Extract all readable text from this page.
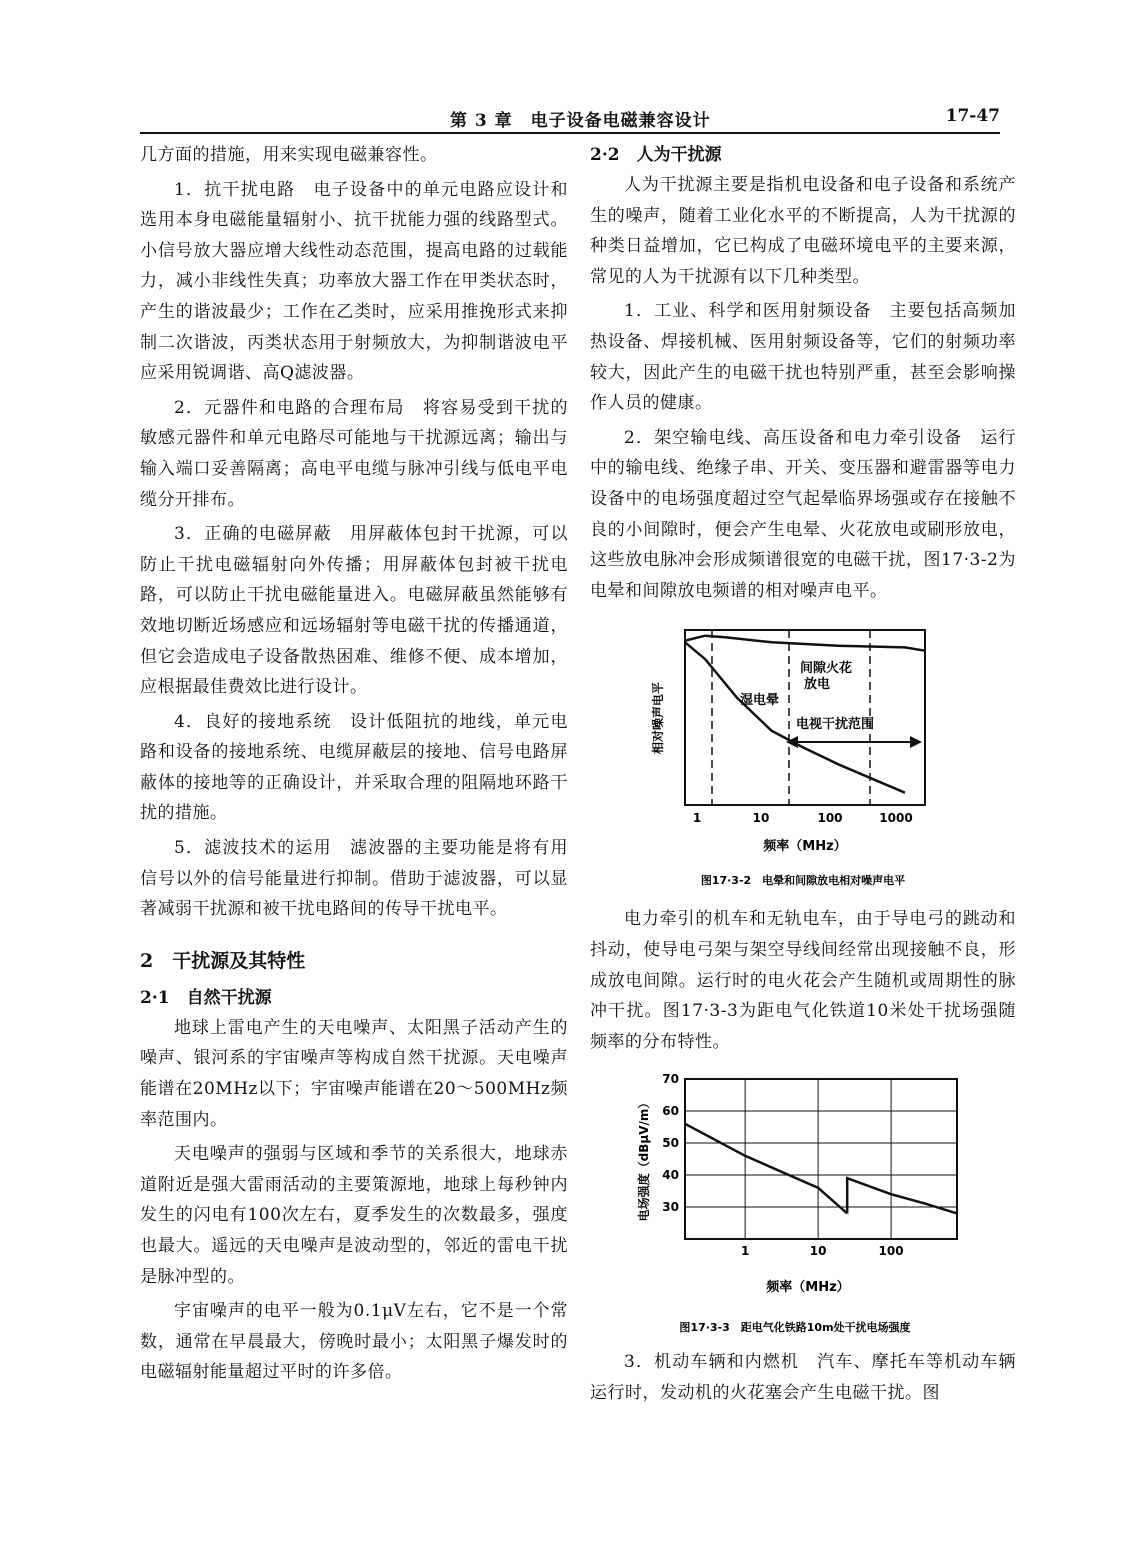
第 3 章　电子设备电磁兼容设计	17-47

几方面的措施，用来实现电磁兼容性。

1．抗干扰电路　电子设备中的单元电路应设计和选用本身电磁能量辐射小、抗干扰能力强的线路型式。小信号放大器应增大线性动态范围，提高电路的过载能力，减小非线性失真；功率放大器工作在甲类状态时，产生的谐波最少；工作在乙类时，应采用推挽形式来抑制二次谐波，丙类状态用于射频放大，为抑制谐波电平应采用锐调谐、高Q滤波器。

2．元器件和电路的合理布局　将容易受到干扰的敏感元器件和单元电路尽可能地与干扰源远离；输出与输入端口妥善隔离；高电平电缆与脉冲引线与低电平电缆分开排布。

3．正确的电磁屏蔽　用屏蔽体包封干扰源，可以防止干扰电磁辐射向外传播；用屏蔽体包封被干扰电路，可以防止干扰电磁能量进入。电磁屏蔽虽然能够有效地切断近场感应和远场辐射等电磁干扰的传播通道，但它会造成电子设备散热困难、维修不便、成本增加，应根据最佳费效比进行设计。

4．良好的接地系统　设计低阻抗的地线，单元电路和设备的接地系统、电缆屏蔽层的接地、信号电路屏蔽体的接地等的正确设计，并采取合理的阻隔地环路干扰的措施。

5．滤波技术的运用　滤波器的主要功能是将有用信号以外的信号能量进行抑制。借助于滤波器，可以显著减弱干扰源和被干扰电路间的传导干扰电平。

2　干扰源及其特性
2·1　自然干扰源

地球上雷电产生的天电噪声、太阳黑子活动产生的噪声、银河系的宇宙噪声等构成自然干扰源。天电噪声能谱在20MHz以下；宇宙噪声能谱在20～500MHz频率范围内。

天电噪声的强弱与区域和季节的关系很大，地球赤道附近是强大雷雨活动的主要策源地，地球上每秒钟内发生的闪电有100次左右，夏季发生的次数最多，强度也最大。遥远的天电噪声是波动型的，邻近的雷电干扰是脉冲型的。

宇宙噪声的电平一般为0.1μV左右，它不是一个常数，通常在早晨最大，傍晚时最小；太阳黑子爆发时的电磁辐射能量超过平时的许多倍。

2·2　人为干扰源

人为干扰源主要是指机电设备和电子设备和系统产生的噪声，随着工业化水平的不断提高，人为干扰源的种类日益增加，它已构成了电磁环境电平的主要来源，常见的人为干扰源有以下几种类型。

1．工业、科学和医用射频设备　主要包括高频加热设备、焊接机械、医用射频设备等，它们的射频功率较大，因此产生的电磁干扰也特别严重，甚至会影响操作人员的健康。

2．架空输电线、高压设备和电力牵引设备　运行中的输电线、绝缘子串、开关、变压器和避雷器等电力设备中的电场强度超过空气起晕临界场强或存在接触不良的小间隙时，便会产生电晕、火花放电或刷形放电，这些放电脉冲会形成频谱很宽的电磁干扰，图17·3-2为电晕和间隙放电频谱的相对噪声电平。

相对噪声电平
间隙火花
放电
湿电晕
电视干扰范围
1	10	100	1000
频率（MHz）
图17·3-2　电晕和间隙放电相对噪声电平

电力牵引的机车和无轨电车，由于导电弓的跳动和抖动，使导电弓架与架空导线间经常出现接触不良，形成放电间隙。运行时的电火花会产生随机或周期性的脉冲干扰。图17·3-3为距电气化铁道10米处干扰场强随频率的分布特性。

70
60
50
40
30
电场强度（dBμV/m）
1	10	100
频率（MHz）
图17·3-3　距电气化铁路10m处干扰电场强度

3．机动车辆和内燃机　汽车、摩托车等机动车辆运行时，发动机的火花塞会产生电磁干扰。图
